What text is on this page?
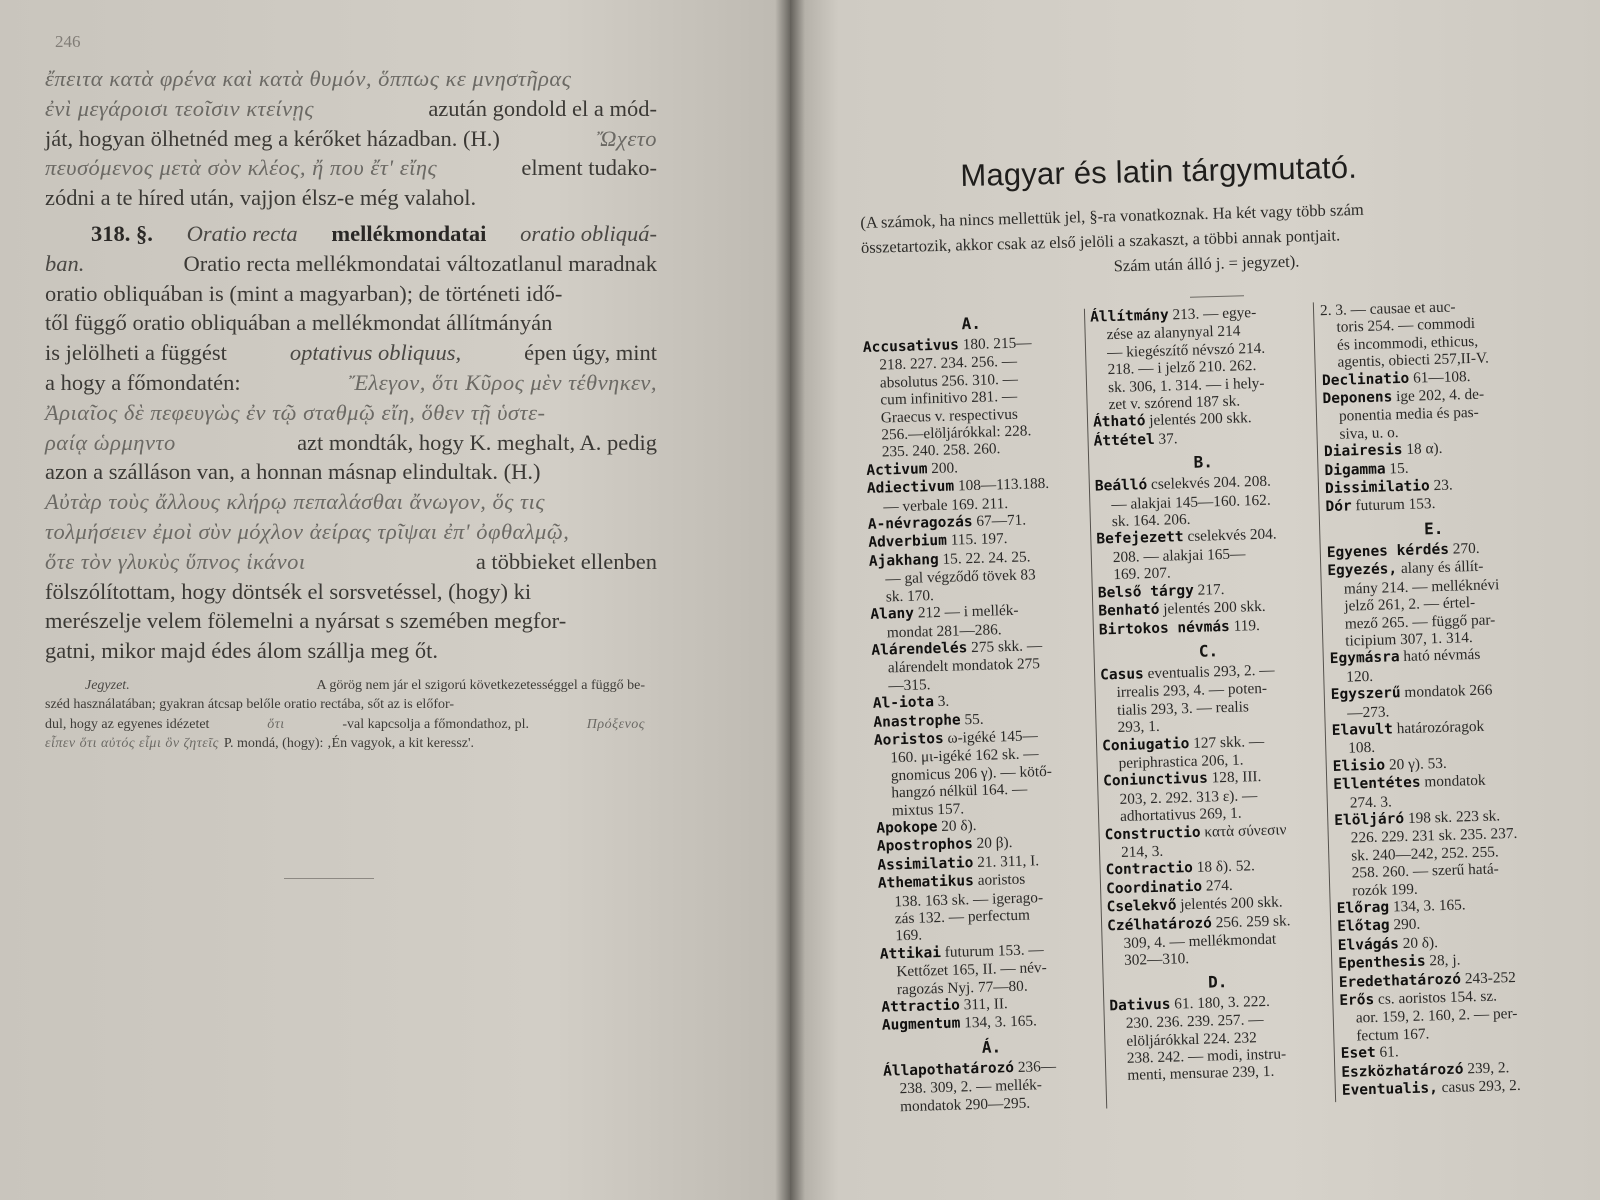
246
ἔπειτα κατὰ φρένα καὶ κατὰ θυμόν, ὅππως κε μνηστῆρας
ἐνὶ μεγάροισι τεοῖσιν κτείνῃς	azután gondold el a mód-
ját, hogyan ölhetnéd meg a kérőket házadban. (H.)	Ὤχετο
πευσόμενος μετὰ σὸν κλέος, ἤ που ἔτ' εἴης	elment tudako-
zódni a te híred után, vajjon élsz-e még valahol.
318. §. Oratio recta mellékmondatai oratio obliquá-
ban.	Oratio recta mellékmondatai változatlanul maradnak
oratio obliquában is (mint a magyarban); de történeti idő-
től függő oratio obliquában a mellékmondat állítmányán
is jelölheti a függést	optativus obliquus,	épen úgy, mint
a hogy a főmondatén:	Ἔλεγον, ὅτι Κῦρος μὲν τέθνηκεν,
Ἀριαῖος δὲ πεφευγὼς ἐν τῷ σταθμῷ εἴη, ὅθεν τῇ ὑστε-
ραίᾳ ὡρμηντο	azt mondták, hogy K. meghalt, A. pedig
azon a szálláson van, a honnan másnap elindultak. (H.)
Αὐτὰρ τοὺς ἄλλους κλήρῳ πεπαλάσθαι ἄνωγον, ὅς τις
τολμήσειεν ἐμοὶ σὺν μόχλον ἀείρας τρῖψαι ἐπ' ὀφθαλμῷ,
ὅτε τὸν γλυκὺς ὕπνος ἱκάνοι	a többieket ellenben
fölszólítottam, hogy döntsék el sorsvetéssel, (hogy) ki
merészelje velem fölemelni a nyársat s szemében megfor-
gatni, mikor majd édes álom szállja meg őt.
Jegyzet.	A görög nem jár el szigorú következetességgel a függő be-
széd használatában; gyakran átcsap belőle oratio rectába, sőt az is előfor-
dul, hogy az egyenes idézetet	ὅτι	-val kapcsolja a főmondathoz, pl.	Πρόξενος
εἶπεν ὅτι αὐτός εἶμι ὃν ζητεῖς P. mondá, (hogy): ‚Én vagyok, a kit keressz'.
Magyar és latin tárgymutató.
(A számok, ha nincs mellettük jel, §-ra vonatkoznak. Ha két vagy több szám
összetartozik, akkor csak az első jelöli a szakaszt, a többi annak pontjait.
Szám után álló j. = jegyzet).
A.
Accusativus 180. 215—
218. 227. 234. 256. —
absolutus 256. 310. —
cum infinitivo 281. —
Graecus v. respectivus
256.—elöljárókkal: 228.
235. 240. 258. 260.
Activum 200.
Adiectivum 108—113.188.
— verbale 169. 211.
A-névragozás 67—71.
Adverbium 115. 197.
Ajakhang 15. 22. 24. 25.
— gal végződő tövek 83
sk. 170.
Alany 212 — i mellék-
mondat 281—286.
Alárendelés 275 skk. —
alárendelt mondatok 275
—315.
Al-iota 3.
Anastrophe 55.
Aoristos ω-igéké 145—
160. μι-igéké 162 sk. —
gnomicus 206 γ). — kötő-
hangzó nélkül 164. —
mixtus 157.
Apokope 20 δ).
Apostrophos 20 β).
Assimilatio 21. 311, I.
Athematikus aoristos
138. 163 sk. — igerago-
zás 132. — perfectum
169.
Attikai futurum 153. —
Kettőzet 165, II. — név-
ragozás Nyj. 77—80.
Attractio 311, II.
Augmentum 134, 3. 165.
Á.
Állapothatározó 236—
238. 309, 2. — mellék-
mondatok 290—295.
Állítmány 213. — egye-
zése az alanynyal 214
— kiegészítő névszó 214.
218. — i jelző 210. 262.
sk. 306, 1. 314. — i hely-
zet v. szórend 187 sk.
Átható jelentés 200 skk.
Áttétel 37.
B.
Beálló cselekvés 204. 208.
— alakjai 145—160. 162.
sk. 164. 206.
Befejezett cselekvés 204.
208. — alakjai 165—
169. 207.
Belső tárgy 217.
Benható jelentés 200 skk.
Birtokos névmás 119.
C.
Casus eventualis 293, 2. —
irrealis 293, 4. — poten-
tialis 293, 3. — realis
293, 1.
Coniugatio 127 skk. —
periphrastica 206, 1.
Coniunctivus 128, III.
203, 2. 292. 313 ε). —
adhortativus 269, 1.
Constructio κατὰ σύνεσιν
214, 3.
Contractio 18 δ). 52.
Coordinatio 274.
Cselekvő jelentés 200 skk.
Czélhatározó 256. 259 sk.
309, 4. — mellékmondat
302—310.
D.
Dativus 61. 180, 3. 222.
230. 236. 239. 257. —
elöljárókkal 224. 232
238. 242. — modi, instru-
menti, mensurae 239, 1.
2. 3. — causae et auc-
toris 254. — commodi
és incommodi, ethicus,
agentis, obiecti 257,II-V.
Declinatio 61—108.
Deponens ige 202, 4. de-
ponentia media és pas-
siva, u. o.
Diairesis 18 α).
Digamma 15.
Dissimilatio 23.
Dór futurum 153.
E.
Egyenes kérdés 270.
Egyezés, alany és állít-
mány 214. — melléknévi
jelző 261, 2. — értel-
mező 265. — függő par-
ticipium 307, 1. 314.
Egymásra ható névmás
120.
Egyszerű mondatok 266
—273.
Elavult határozóragok
108.
Elisio 20 γ). 53.
Ellentétes mondatok
274. 3.
Elöljáró 198 sk. 223 sk.
226. 229. 231 sk. 235. 237.
sk. 240—242, 252. 255.
258. 260. — szerű hatá-
rozók 199.
Előrag 134, 3. 165.
Előtag 290.
Elvágás 20 δ).
Epenthesis 28, j.
Eredethatározó 243-252
Erős cs. aoristos 154. sz.
aor. 159, 2. 160, 2. — per-
fectum 167.
Eset 61.
Eszközhatározó 239, 2.
Eventualis, casus 293, 2.
